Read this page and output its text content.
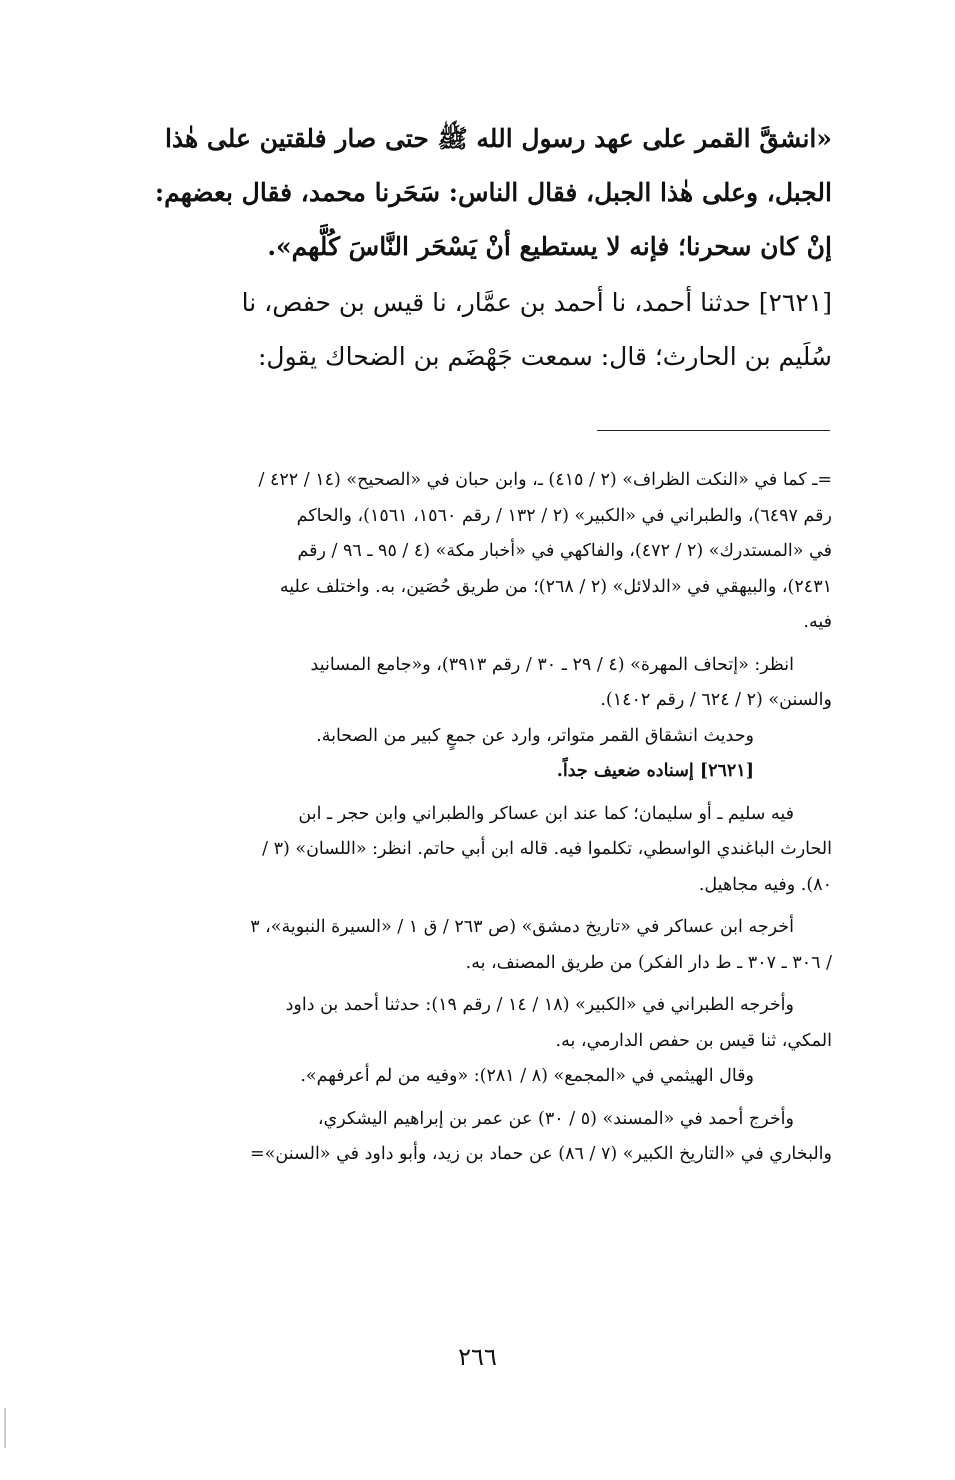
«انشقَّ القمر على عهد رسول الله ﷺ حتى صار فلقتين على هٰذا

الجبل، وعلى هٰذا الجبل، فقال الناس: سَحَرنا محمد، فقال بعضهم:

إنْ كان سحرنا؛ فإنه لا يستطيع أنْ يَسْحَر النَّاسَ كُلَّهم».

[٢٦٢١] حدثنا أحمد، نا أحمد بن عمَّار، نا قيس بن حفص، نا

سُلَيم بن الحارث؛ قال: سمعت جَهْضَم بن الضحاك يقول:

=ـ كما في «النكت الظراف» (٢ / ٤١٥) ـ، وابن حبان في «الصحيح» (١٤ / ٤٢٢ /

رقم ٦٤٩٧)، والطبراني في «الكبير» (٢ / ١٣٢ / رقم ١٥٦٠، ١٥٦١)، والحاكم

في «المستدرك» (٢ / ٤٧٢)، والفاكهي في «أخبار مكة» (٤ / ٩٥ ـ ٩٦ / رقم

٢٤٣١)، والبيهقي في «الدلائل» (٢ / ٢٦٨)؛ من طريق حُصَين، به. واختلف عليه

فيه.

انظر: «إتحاف المهرة» (٤ / ٢٩ ـ ٣٠ / رقم ٣٩١٣)، و«جامع المسانيد

والسنن» (٢ / ٦٢٤ / رقم ١٤٠٢).

وحديث انشقاق القمر متواتر، وارد عن جمعٍ كبير من الصحابة.

[٢٦٢١] إسناده ضعيف جداً.

فيه سليم ـ أو سليمان؛ كما عند ابن عساكر والطبراني وابن حجر ـ ابن

الحارث الباغندي الواسطي، تكلموا فيه. قاله ابن أبي حاتم. انظر: «اللسان» (٣ /

٨٠). وفيه مجاهيل.

أخرجه ابن عساكر في «تاريخ دمشق» (ص ٢٦٣ / ق ١ / «السيرة النبوية»، ٣

/ ٣٠٦ ـ ٣٠٧ ـ ط دار الفكر) من طريق المصنف، به.

وأخرجه الطبراني في «الكبير» (١٨ / ١٤ / رقم ١٩): حدثنا أحمد بن داود

المكي، ثنا قيس بن حفص الدارمي، به.

وقال الهيثمي في «المجمع» (٨ / ٢٨١): «وفيه من لم أعرفهم».

وأخرج أحمد في «المسند» (٥ / ٣٠) عن عمر بن إبراهيم اليشكري،

والبخاري في «التاريخ الكبير» (٧ / ٨٦) عن حماد بن زيد، وأبو داود في «السنن»=

٢٦٦
